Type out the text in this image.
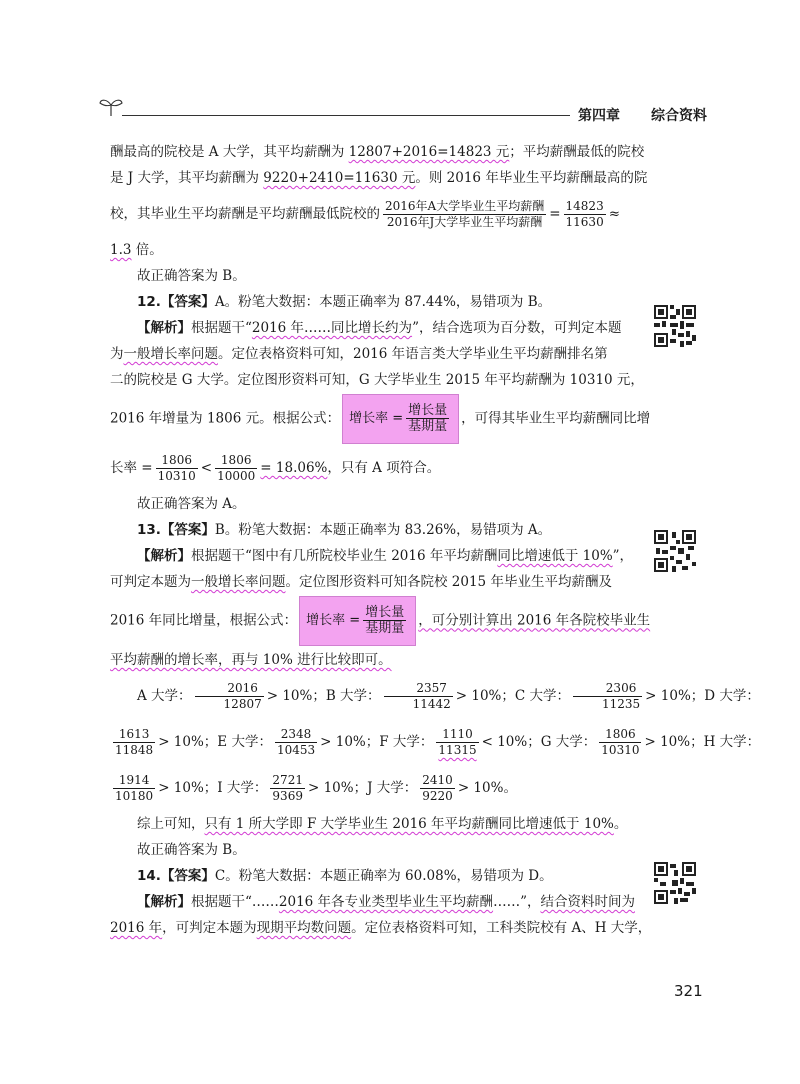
第四章 综合资料

酬最高的院校是 A 大学，其平均薪酬为 12807+2016=14823 元；平均薪酬最低的院校

是 J 大学，其平均薪酬为 9220+2410=11630 元。则 2016 年毕业生平均薪酬最高的院

校，其毕业生平均薪酬是平均薪酬最低院校的 $\frac{\text{2016年A大学毕业生平均薪酬}}{\text{2016年J大学毕业生平均薪酬}} = \frac{14823}{11630}$ ≈

1.3 倍。

故正确答案为 B。

12.【答案】A。粉笔大数据：本题正确率为 87.44%，易错项为 B。

【解析】根据题干“2016 年……同比增长约为”，结合选项为百分数，可判定本题

为一般增长率问题。定位表格资料可知，2016 年语言类大学毕业生平均薪酬排名第

二的院校是 G 大学。定位图形资料可知，G 大学毕业生 2015 年平均薪酬为 10310 元，

2016 年增量为 1806 元。根据公式： 增长率 = $\frac{\text{增长量}}{\text{基期量}}$ ，可得其毕业生平均薪酬同比增

长率 = $\frac{1806}{10310} < \frac{1806}{10000} = 18.06\%$，只有 A 项符合。

故正确答案为 A。

13.【答案】B。粉笔大数据：本题正确率为 83.26%，易错项为 A。

【解析】根据题干“图中有几所院校毕业生 2016 年平均薪酬同比增速低于 10%”，

可判定本题为一般增长率问题。定位图形资料可知各院校 2015 年毕业生平均薪酬及

2016 年同比增量，根据公式： 增长率 = $\frac{\text{增长量}}{\text{基期量}}$ ，可分别计算出 2016 年各院校毕业生

平均薪酬的增长率，再与 10% 进行比较即可。

A 大学： $\frac{2016}{12807} > 10\%$；B 大学： $\frac{2357}{11442} > 10\%$；C 大学： $\frac{2306}{11235} > 10\%$；D 大学：

$\frac{1613}{11848} > 10\%$；E 大学： $\frac{2348}{10453} > 10\%$；F 大学： $\frac{1110}{11315} < 10\%$；G 大学： $\frac{1806}{10310} > 10\%$；H 大学：

$\frac{1914}{10180} > 10\%$；I 大学： $\frac{2721}{9369} > 10\%$；J 大学： $\frac{2410}{9220} > 10\%$。

综上可知，只有 1 所大学即 F 大学毕业生 2016 年平均薪酬同比增速低于 10%。

故正确答案为 B。

14.【答案】C。粉笔大数据：本题正确率为 60.08%，易错项为 D。

【解析】根据题干“……2016 年各专业类型毕业生平均薪酬……”，结合资料时间为

2016 年，可判定本题为现期平均数问题。定位表格资料可知，工科类院校有 A、H 大学，

321
